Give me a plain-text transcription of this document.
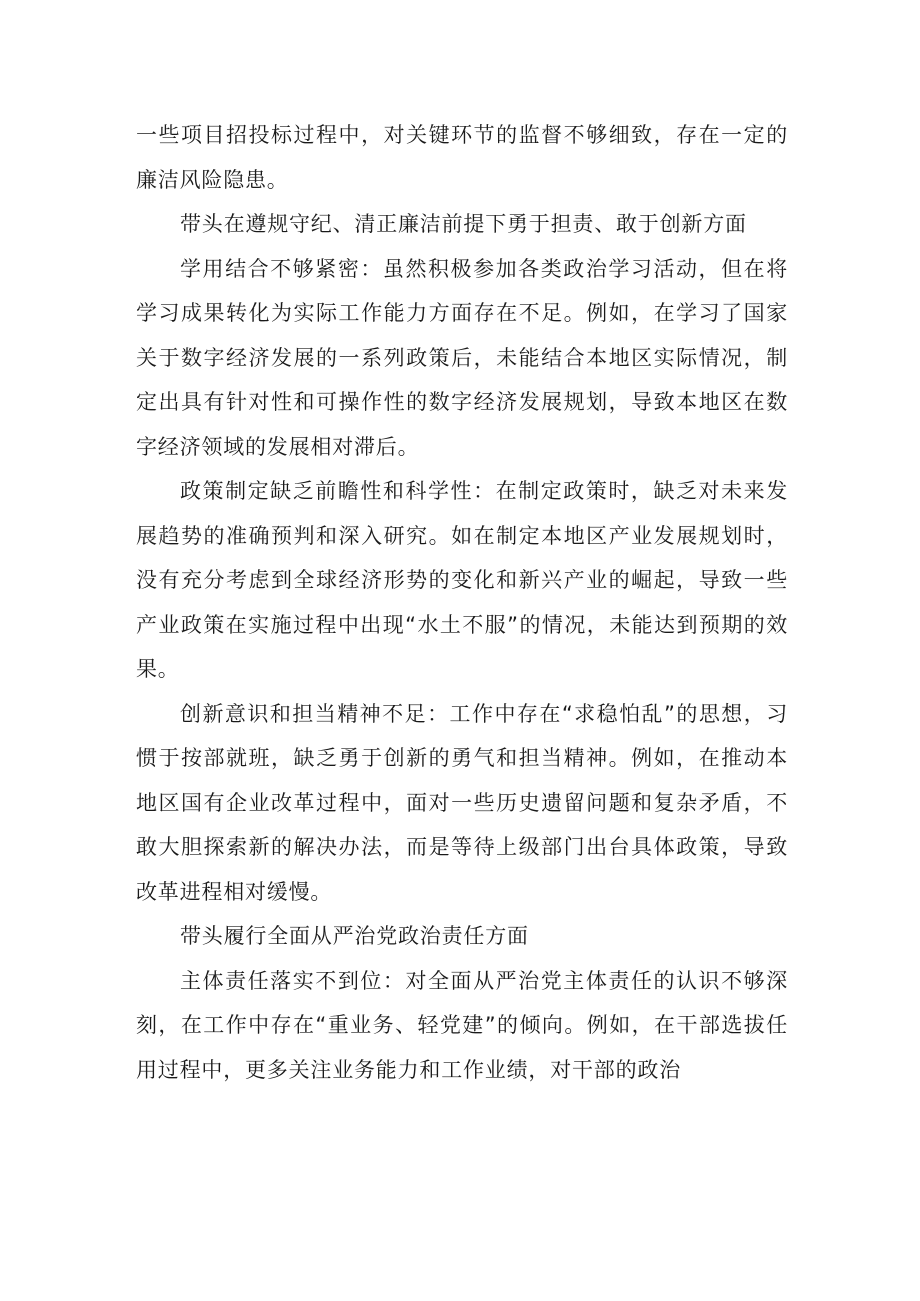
一些项目招投标过程中，对关键环节的监督不够细致，存在一定的廉洁风险隐患。

带头在遵规守纪、清正廉洁前提下勇于担责、敢于创新方面

学用结合不够紧密：虽然积极参加各类政治学习活动，但在将学习成果转化为实际工作能力方面存在不足。例如，在学习了国家关于数字经济发展的一系列政策后，未能结合本地区实际情况，制定出具有针对性和可操作性的数字经济发展规划，导致本地区在数字经济领域的发展相对滞后。

政策制定缺乏前瞻性和科学性：在制定政策时，缺乏对未来发展趋势的准确预判和深入研究。如在制定本地区产业发展规划时，没有充分考虑到全球经济形势的变化和新兴产业的崛起，导致一些产业政策在实施过程中出现“水土不服”的情况，未能达到预期的效果。

创新意识和担当精神不足：工作中存在“求稳怕乱”的思想，习惯于按部就班，缺乏勇于创新的勇气和担当精神。例如，在推动本地区国有企业改革过程中，面对一些历史遗留问题和复杂矛盾，不敢大胆探索新的解决办法，而是等待上级部门出台具体政策，导致改革进程相对缓慢。

带头履行全面从严治党政治责任方面

主体责任落实不到位：对全面从严治党主体责任的认识不够深刻，在工作中存在“重业务、轻党建”的倾向。例如，在干部选拔任用过程中，更多关注业务能力和工作业绩，对干部的政治
